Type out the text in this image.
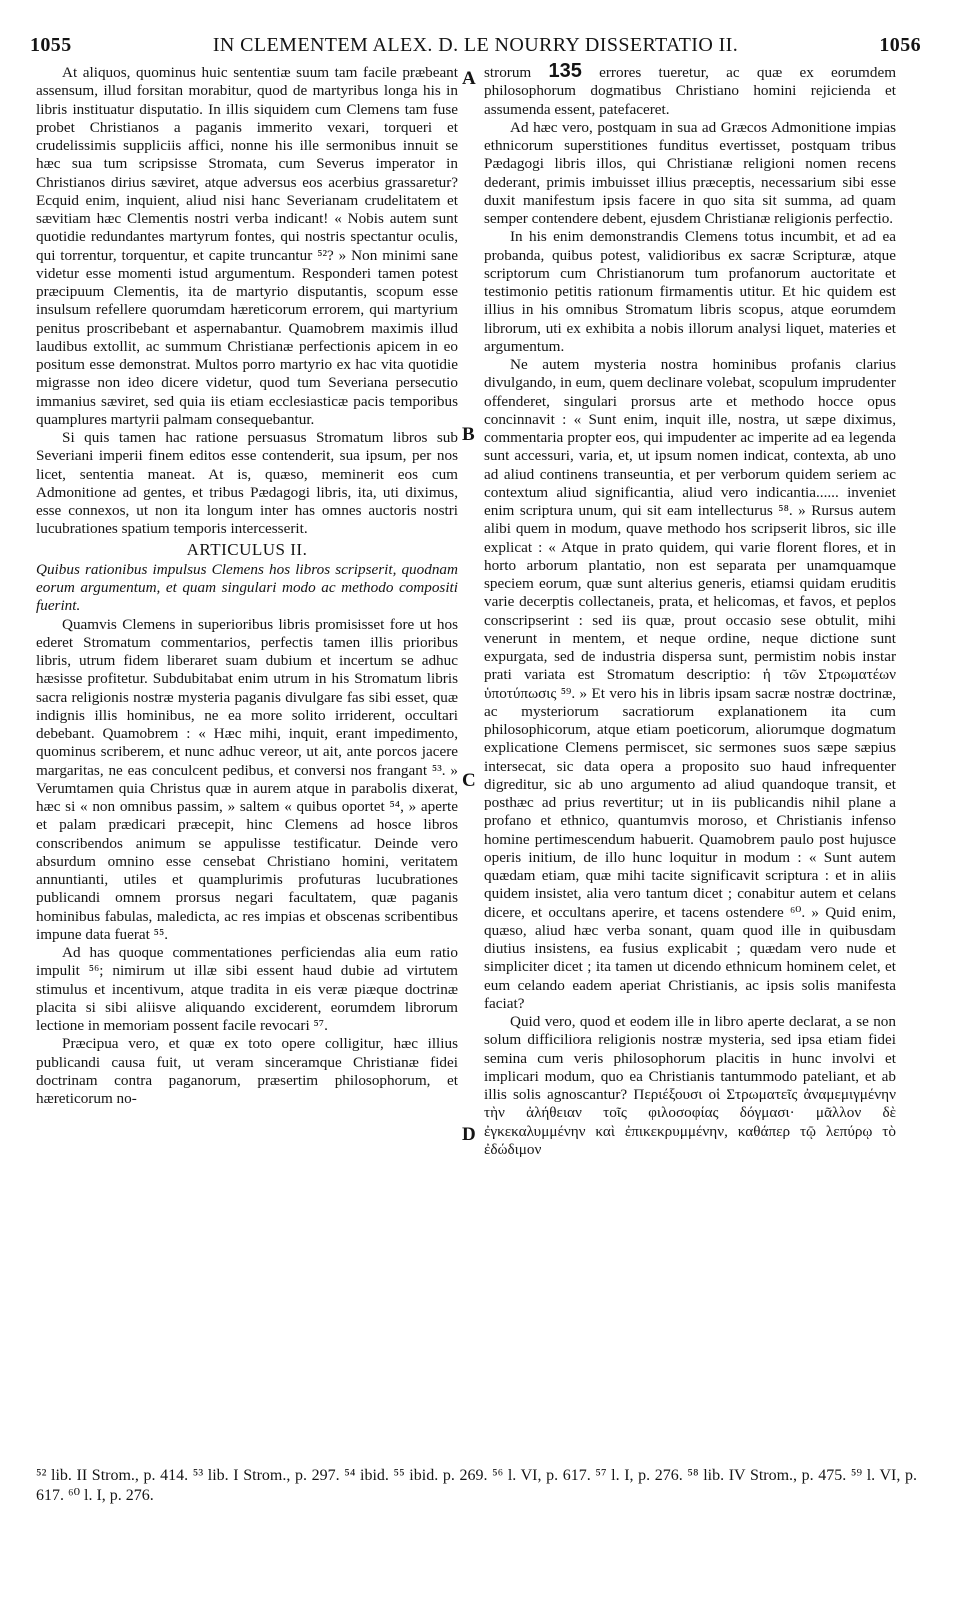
1055	IN CLEMENTEM ALEX. D. LE NOURRY DISSERTATIO II.	1056
A
B
C
D

At aliquos, quominus huic sententiæ suum tam facile præbeant assensum, illud forsitan morabitur, quod de martyribus longa his in libris instituatur disputatio. In illis siquidem cum Clemens tam fuse probet Christianos a paganis immerito vexari, torqueri et crudelissimis suppliciis affici, nonne his ille sermonibus innuit se hæc sua tum scripsisse Stromata, cum Severus imperator in Christianos dirius sæviret, atque adversus eos acerbius grassaretur? Ecquid enim, inquient, aliud nisi hanc Severianam crudelitatem et sævitiam hæc Clementis nostri verba indicant! « Nobis autem sunt quotidie redundantes martyrum fontes, qui nostris spectantur oculis, qui torrentur, torquentur, et capite truncantur ⁵²? » Non minimi sane videtur esse momenti istud argumentum. Responderi tamen potest præcipuum Clementis, ita de martyrio disputantis, scopum esse insulsum refellere quorumdam hæreticorum errorem, qui martyrium penitus proscribebant et aspernabantur. Quamobrem maximis illud laudibus extollit, ac summum Christianæ perfectionis apicem in eo positum esse demonstrat. Multos porro martyrio ex hac vita quotidie migrasse non ideo dicere videtur, quod tum Severiana persecutio immanius sæviret, sed quia iis etiam ecclesiasticæ pacis temporibus quamplures martyrii palmam consequebantur.

Si quis tamen hac ratione persuasus Stromatum libros sub Severiani imperii finem editos esse contenderit, sua ipsum, per nos licet, sententia maneat. At is, quæso, meminerit eos cum Admonitione ad gentes, et tribus Pædagogi libris, ita, uti diximus, esse connexos, ut non ita longum inter has omnes auctoris nostri lucubrationes spatium temporis intercesserit.

ARTICULUS II.

Quibus rationibus impulsus Clemens hos libros scripserit, quodnam eorum argumentum, et quam singulari modo ac methodo compositi fuerint.

Quamvis Clemens in superioribus libris promisisset fore ut hos ederet Stromatum commentarios, perfectis tamen illis prioribus libris, utrum fidem liberaret suam dubium et incertum se adhuc hæsisse profitetur. Subdubitabat enim utrum in his Stromatum libris sacra religionis nostræ mysteria paganis divulgare fas sibi esset, quæ indignis illis hominibus, ne ea more solito irriderent, occultari debebant. Quamobrem : « Hæc mihi, inquit, erant impedimento, quominus scriberem, et nunc adhuc vereor, ut ait, ante porcos jacere margaritas, ne eas conculcent pedibus, et conversi nos frangant ⁵³. » Verumtamen quia Christus quæ in aurem atque in parabolis dixerat, hæc si « non omnibus passim, » saltem « quibus oportet ⁵⁴, » aperte et palam prædicari præcepit, hinc Clemens ad hosce libros conscribendos animum se appulisse testificatur. Deinde vero absurdum omnino esse censebat Christiano homini, veritatem annuntianti, utiles et quamplurimis profuturas lucubrationes publicandi omnem prorsus negari facultatem, quæ paganis hominibus fabulas, maledicta, ac res impias et obscenas scribentibus impune data fuerat ⁵⁵.

Ad has quoque commentationes perficiendas alia eum ratio impulit ⁵⁶; nimirum ut illæ sibi essent haud dubie ad virtutem stimulus et incentivum, atque tradita in eis veræ piæque doctrinæ placita si sibi aliisve aliquando exciderent, eorumdem librorum lectione in memoriam possent facile revocari ⁵⁷.

Præcipua vero, et quæ ex toto opere colligitur, hæc illius publicandi causa fuit, ut veram sinceramque Christianæ fidei doctrinam contra paganorum, præsertim philosophorum, et hæreticorum no-

strorum 135 errores tueretur, ac quæ ex eorumdem philosophorum dogmatibus Christiano homini rejicienda et assumenda essent, patefaceret.

Ad hæc vero, postquam in sua ad Græcos Admonitione impias ethnicorum superstitiones funditus evertisset, postquam tribus Pædagogi libris illos, qui Christianæ religioni nomen recens dederant, primis imbuisset illius præceptis, necessarium sibi esse duxit manifestum ipsis facere in quo sita sit summa, ad quam semper contendere debent, ejusdem Christianæ religionis perfectio.

In his enim demonstrandis Clemens totus incumbit, et ad ea probanda, quibus potest, validioribus ex sacræ Scripturæ, atque scriptorum cum Christianorum tum profanorum auctoritate et testimonio petitis rationum firmamentis utitur. Et hic quidem est illius in his omnibus Stromatum libris scopus, atque eorumdem librorum, uti ex exhibita a nobis illorum analysi liquet, materies et argumentum.

Ne autem mysteria nostra hominibus profanis clarius divulgando, in eum, quem declinare volebat, scopulum imprudenter offenderet, singulari prorsus arte et methodo hocce opus concinnavit : « Sunt enim, inquit ille, nostra, ut sæpe diximus, commentaria propter eos, qui impudenter ac imperite ad ea legenda sunt accessuri, varia, et, ut ipsum nomen indicat, contexta, ab uno ad aliud continens transeuntia, et per verborum quidem seriem ac contextum aliud significantia, aliud vero indicantia...... inveniet enim scriptura unum, qui sit eam intellecturus ⁵⁸. » Rursus autem alibi quem in modum, quave methodo hos scripserit libros, sic ille explicat : « Atque in prato quidem, qui varie florent flores, et in horto arborum plantatio, non est separata per unamquamque speciem eorum, quæ sunt alterius generis, etiamsi quidam eruditis varie decerptis collectaneis, prata, et helicomas, et favos, et peplos conscripserint : sed iis quæ, prout occasio sese obtulit, mihi venerunt in mentem, et neque ordine, neque dictione sunt expurgata, sed de industria dispersa sunt, permistim nobis instar prati variata est Stromatum descriptio: ἡ τῶν Στρωματέων ὑποτύπωσις ⁵⁹. » Et vero his in libris ipsam sacræ nostræ doctrinæ, ac mysteriorum sacratiorum explanationem ita cum philosophicorum, atque etiam poeticorum, aliorumque dogmatum explicatione Clemens permiscet, sic sermones suos sæpe sæpius intersecat, sic data opera a proposito suo haud infrequenter digreditur, sic ab uno argumento ad aliud quandoque transit, et posthæc ad prius revertitur; ut in iis publicandis nihil plane a profano et ethnico, quantumvis moroso, et Christianis infenso homine pertimescendum habuerit. Quamobrem paulo post hujusce operis initium, de illo hunc loquitur in modum : « Sunt autem quædam etiam, quæ mihi tacite significavit scriptura : et in aliis quidem insistet, alia vero tantum dicet ; conabitur autem et celans dicere, et occultans aperire, et tacens ostendere ⁶⁰. » Quid enim, quæso, aliud hæc verba sonant, quam quod ille in quibusdam diutius insistens, ea fusius explicabit ; quædam vero nude et simpliciter dicet ; ita tamen ut dicendo ethnicum hominem celet, et eum celando eadem aperiat Christianis, ac ipsis solis manifesta faciat?

Quid vero, quod et eodem ille in libro aperte declarat, a se non solum difficiliora religionis nostræ mysteria, sed ipsa etiam fidei semina cum veris philosophorum placitis in hunc involvi et implicari modum, quo ea Christianis tantummodo pateliant, et ab illis solis agnoscantur? Περιέξουσι οἱ Στρωματεῖς ἀναμεμιγμένην τὴν ἀλήθειαν τοῖς φιλοσοφίας δόγμασι· μᾶλλον δὲ ἐγκεκαλυμμένην καὶ ἐπικεκρυμμένην, καθάπερ τῷ λεπύρῳ τὸ ἐδώδιμον

⁵² lib. II Strom., p. 414. ⁵³ lib. I Strom., p. 297. ⁵⁴ ibid. ⁵⁵ ibid. p. 269. ⁵⁶ l. VI, p. 617. ⁵⁷ l. I, p. 276. ⁵⁸ lib. IV Strom., p. 475. ⁵⁹ l. VI, p. 617. ⁶⁰ l. I, p. 276.
